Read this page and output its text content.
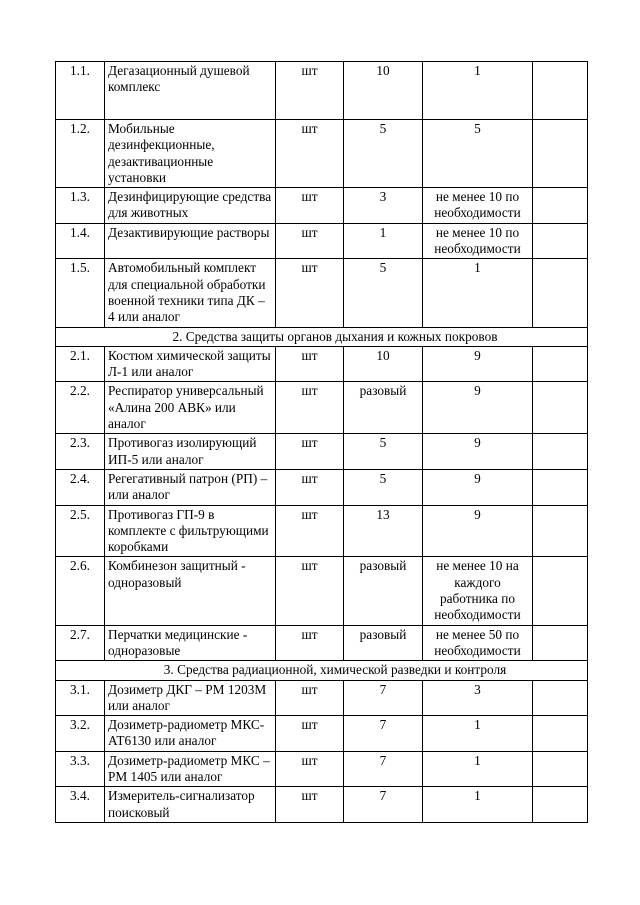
1.1.	Дегазационный душевой комплекс	шт	10	1	
1.2.	Мобильные дезинфекционные, дезактивационные установки	шт	5	5	
1.3.	Дезинфицирующие средства для животных	шт	3	не менее 10 по необходимости	
1.4.	Дезактивирующие растворы	шт	1	не менее 10 по необходимости	
1.5.	Автомобильный комплект для специальной обработки военной техники типа ДК – 4 или аналог	шт	5	1	
2. Средства защиты органов дыхания и кожных покровов					
2.1.	Костюм химической защиты Л-1 или аналог	шт	10	9	
2.2.	Респиратор универсальный «Алина 200 АВК» или аналог	шт	разовый	9	
2.3.	Противогаз изолирующий ИП-5 или аналог	шт	5	9	
2.4.	Регегативный патрон (РП) – или аналог	шт	5	9	
2.5.	Противогаз ГП-9 в комплекте с фильтрующими коробками	шт	13	9	
2.6.	Комбинезон защитный - одноразовый	шт	разовый	не менее 10 на каждого работника по необходимости	
2.7.	Перчатки медицинские - одноразовые	шт	разовый	не менее 50 по необходимости	
3. Средства радиационной, химической разведки и контроля					
3.1.	Дозиметр ДКГ – РМ 1203М или аналог	шт	7	3	
3.2.	Дозиметр-радиометр МКС-АТ6130 или аналог	шт	7	1	
3.3.	Дозиметр-радиометр МКС – РМ 1405 или аналог	шт	7	1	
3.4.	Измеритель-сигнализатор поисковый	шт	7	1	
